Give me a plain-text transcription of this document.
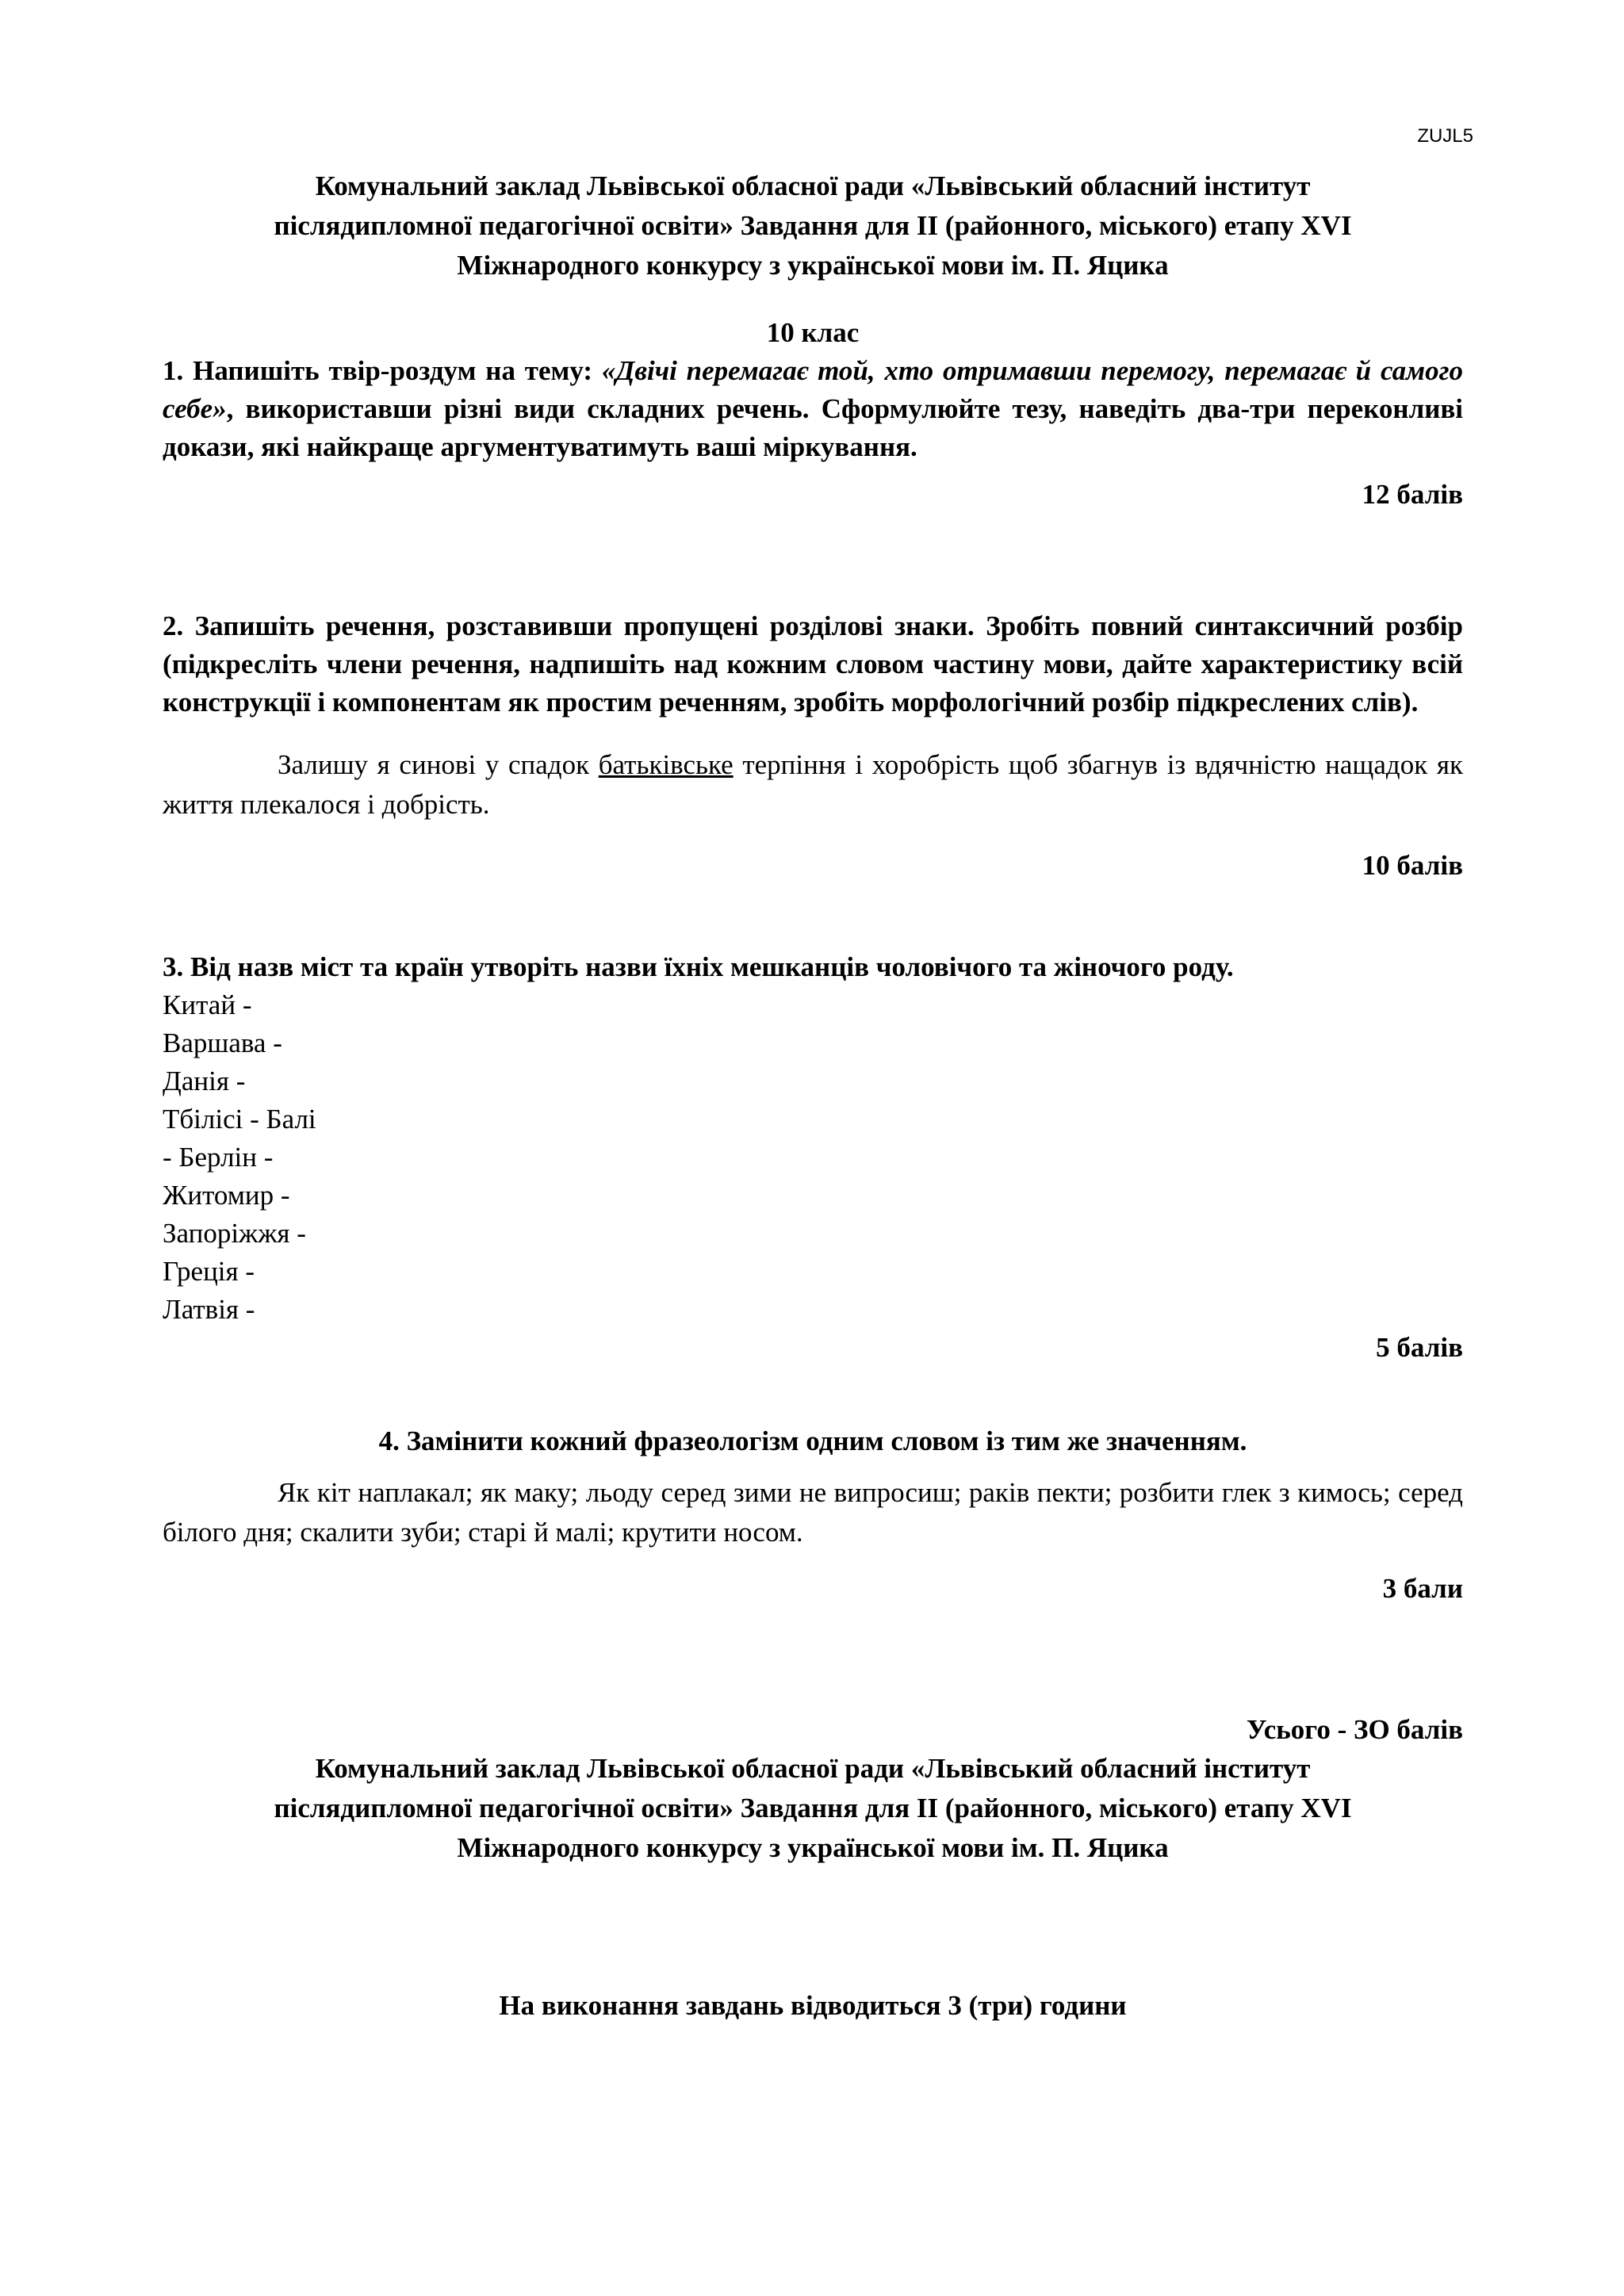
ZUJL5

Комунальний заклад Львівської обласної ради «Львівський обласний інститут

післядипломної педагогічної освіти» Завдання для II (районного, міського) етапу XVI

Міжнародного конкурсу з української мови ім. П. Яцика

10 клас

1. Напишіть твір-роздум на тему: «Двічі перемагає той, хто отримавши перемогу, перемагає й самого себе», використавши різні види складних речень. Сформулюйте тезу, наведіть два-три переконливі докази, які найкраще аргументуватимуть ваші міркування.

12 балів

2. Запишіть речення, розставивши пропущені розділові знаки. Зробіть повний синтаксичний розбір (підкресліть члени речення, надпишіть над кожним словом частину мови, дайте характеристику всій конструкції і компонентам як простим реченням, зробіть морфологічний розбір підкреслених слів).

Залишу я синові у спадок батьківське терпіння і хоробрість щоб збагнув із вдячністю нащадок як життя плекалося і добрість.

10 балів

3. Від назв міст та країн утворіть назви їхніх мешканців чоловічого та жіночого роду.

Китай -
Варшава -
Данія -
Тбілісі - Балі
- Берлін -
Житомир -
Запоріжжя -
Греція -
Латвія -
5 балів
4. Замінити кожний фразеологізм одним словом із тим же значенням.

Як кіт наплакал; як маку; льоду серед зими не випросиш; раків пекти; розбити глек з кимось; серед білого дня; скалити зуби; старі й малі; крутити носом.

3 бали
Усього - ЗО балів

Комунальний заклад Львівської обласної ради «Львівський обласний інститут

післядипломної педагогічної освіти» Завдання для II (районного, міського) етапу XVI

Міжнародного конкурсу з української мови ім. П. Яцика

На виконання завдань відводиться 3 (три) години
